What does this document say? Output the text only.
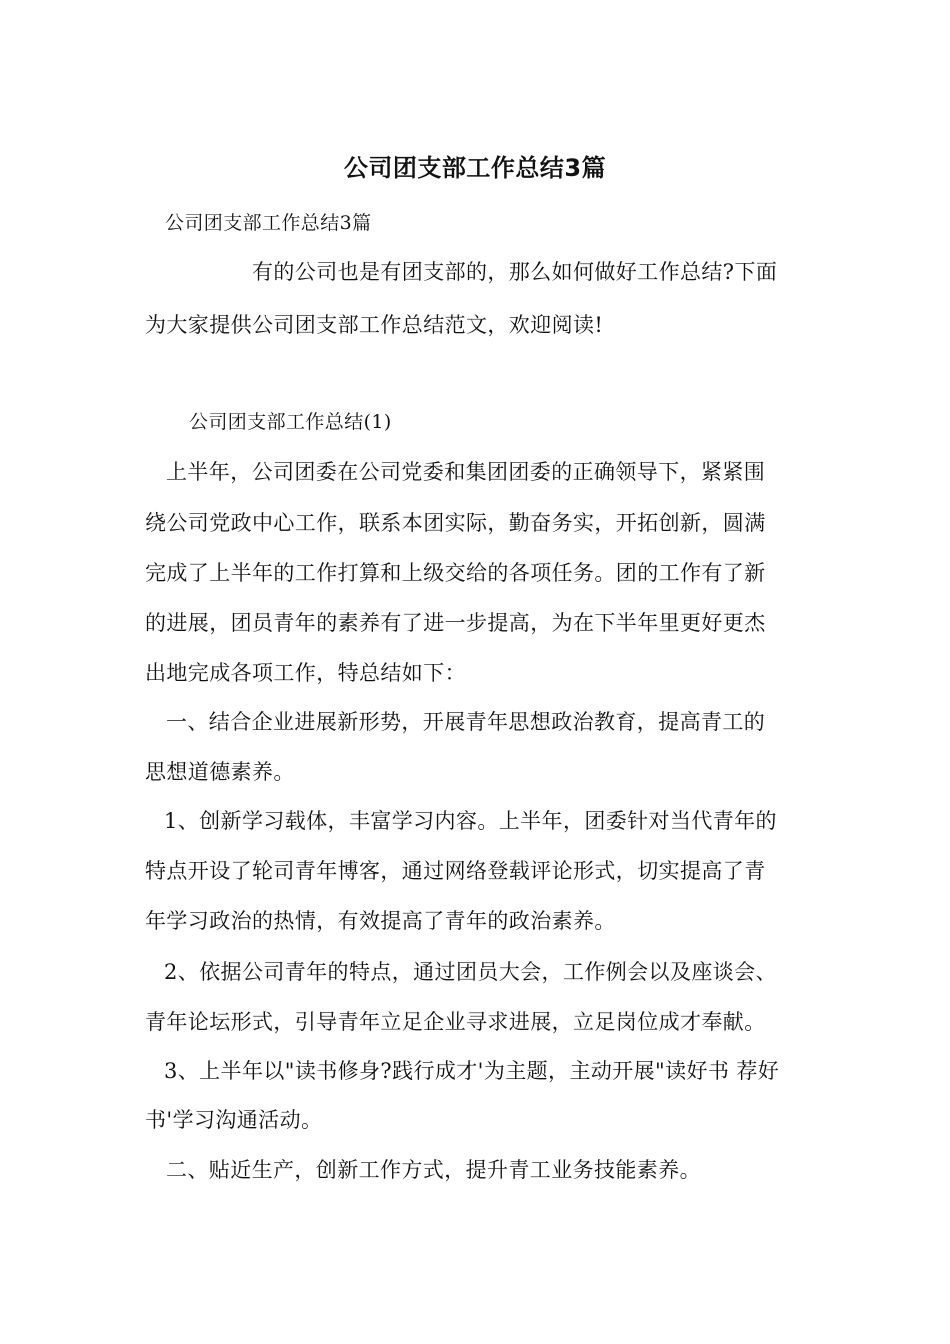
公司团支部工作总结3篇
公司团支部工作总结3篇
有的公司也是有团支部的，那么如何做好工作总结?下面
为大家提供公司团支部工作总结范文，欢迎阅读!
公司团支部工作总结(1)
上半年，公司团委在公司党委和集团团委的正确领导下，紧紧围
绕公司党政中心工作，联系本团实际，勤奋务实，开拓创新，圆满
完成了上半年的工作打算和上级交给的各项任务。团的工作有了新
的进展，团员青年的素养有了进一步提高，为在下半年里更好更杰
出地完成各项工作，特总结如下：
一、结合企业进展新形势，开展青年思想政治教育，提高青工的
思想道德素养。
1、创新学习载体，丰富学习内容。上半年，团委针对当代青年的
特点开设了轮司青年博客，通过网络登载评论形式，切实提高了青
年学习政治的热情，有效提高了青年的政治素养。
2、依据公司青年的特点，通过团员大会，工作例会以及座谈会、
青年论坛形式，引导青年立足企业寻求进展，立足岗位成才奉献。
3、上半年以"读书修身?践行成才'为主题，主动开展"读好书 荐好
书'学习沟通活动。
二、贴近生产，创新工作方式，提升青工业务技能素养。
